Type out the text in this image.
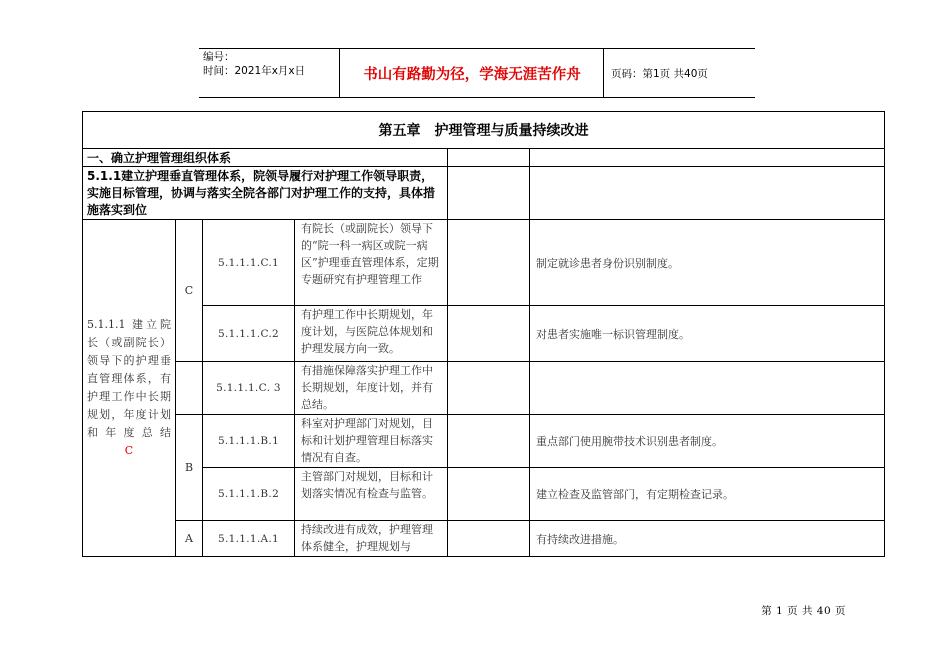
编号：
时间：2021年x月x日	书山有路勤为径，学海无涯苦作舟	页码：第1页 共40页
第五章　护理管理与质量持续改进					
一、确立护理管理组织体系					
5.1.1建立护理垂直管理体系，院领导履行对护理工作领导职责，实施目标管理，协调与落实全院各部门对护理工作的支持，具体措施落实到位					

5.1.1.1 建立院长（或副院长）领导下的护理垂直管理体系，有护理工作中长期规划，年度计划和年度总结
C	C	5.1.1.1.C.1	有院长（或副院长）领导下的“院一科一病区或院一病区”护理垂直管理体系，定期专题研究有护理管理工作		制定就诊患者身份识别制度。
		5.1.1.1.C.2	有护理工作中长期规划，年度计划，与医院总体规划和护理发展方向一致。		对患者实施唯一标识管理制度。
		5.1.1.1.C. 3	有措施保障落实护理工作中长期规划，年度计划，并有总结。		
	B	5.1.1.1.B.1	科室对护理部门对规划，目标和计划护理管理目标落实情况有自查。		重点部门使用腕带技术识别患者制度。
		5.1.1.1.B.2	主管部门对规划，目标和计划落实情况有检查与监管。		建立检查及监管部门，有定期检查记录。
	A	5.1.1.1.A.1	持续改进有成效，护理管理体系健全，护理规划与		有持续改进措施。
第 1 页 共 40 页
